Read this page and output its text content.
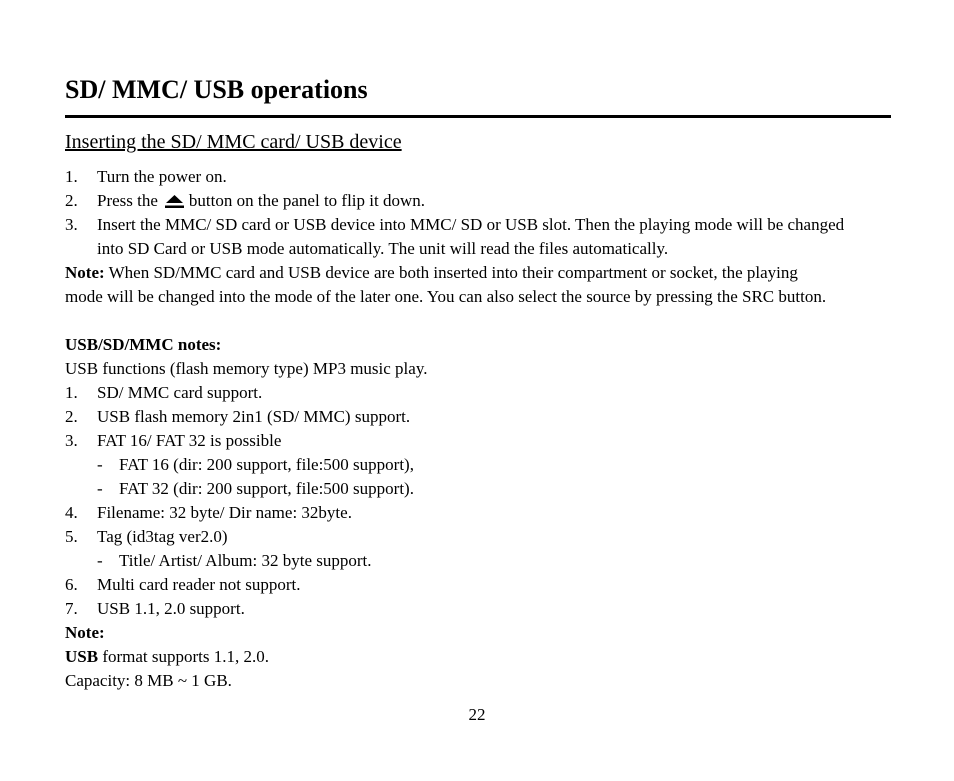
SD/ MMC/ USB operations
Inserting the SD/ MMC card/ USB device
1. Turn the power on.
2. Press the button on the panel to flip it down.
3. Insert the MMC/ SD card or USB device into MMC/ SD or USB slot. Then the playing mode will be changed
into SD Card or USB mode automatically. The unit will read the files automatically.
Note: When SD/MMC card and USB device are both inserted into their compartment or socket, the playing
mode will be changed into the mode of the later one. You can also select the source by pressing the SRC button.
USB/SD/MMC notes:
USB functions (flash memory type) MP3 music play.
1. SD/ MMC card support.
2. USB flash memory 2in1 (SD/ MMC) support.
3. FAT 16/ FAT 32 is possible
- FAT 16 (dir: 200 support, file:500 support),
- FAT 32 (dir: 200 support, file:500 support).
4. Filename: 32 byte/ Dir name: 32byte.
5. Tag (id3tag ver2.0)
- Title/ Artist/ Album: 32 byte support.
6. Multi card reader not support.
7. USB 1.1, 2.0 support.
Note:
USB format supports 1.1, 2.0.
Capacity: 8 MB ~ 1 GB.
22
